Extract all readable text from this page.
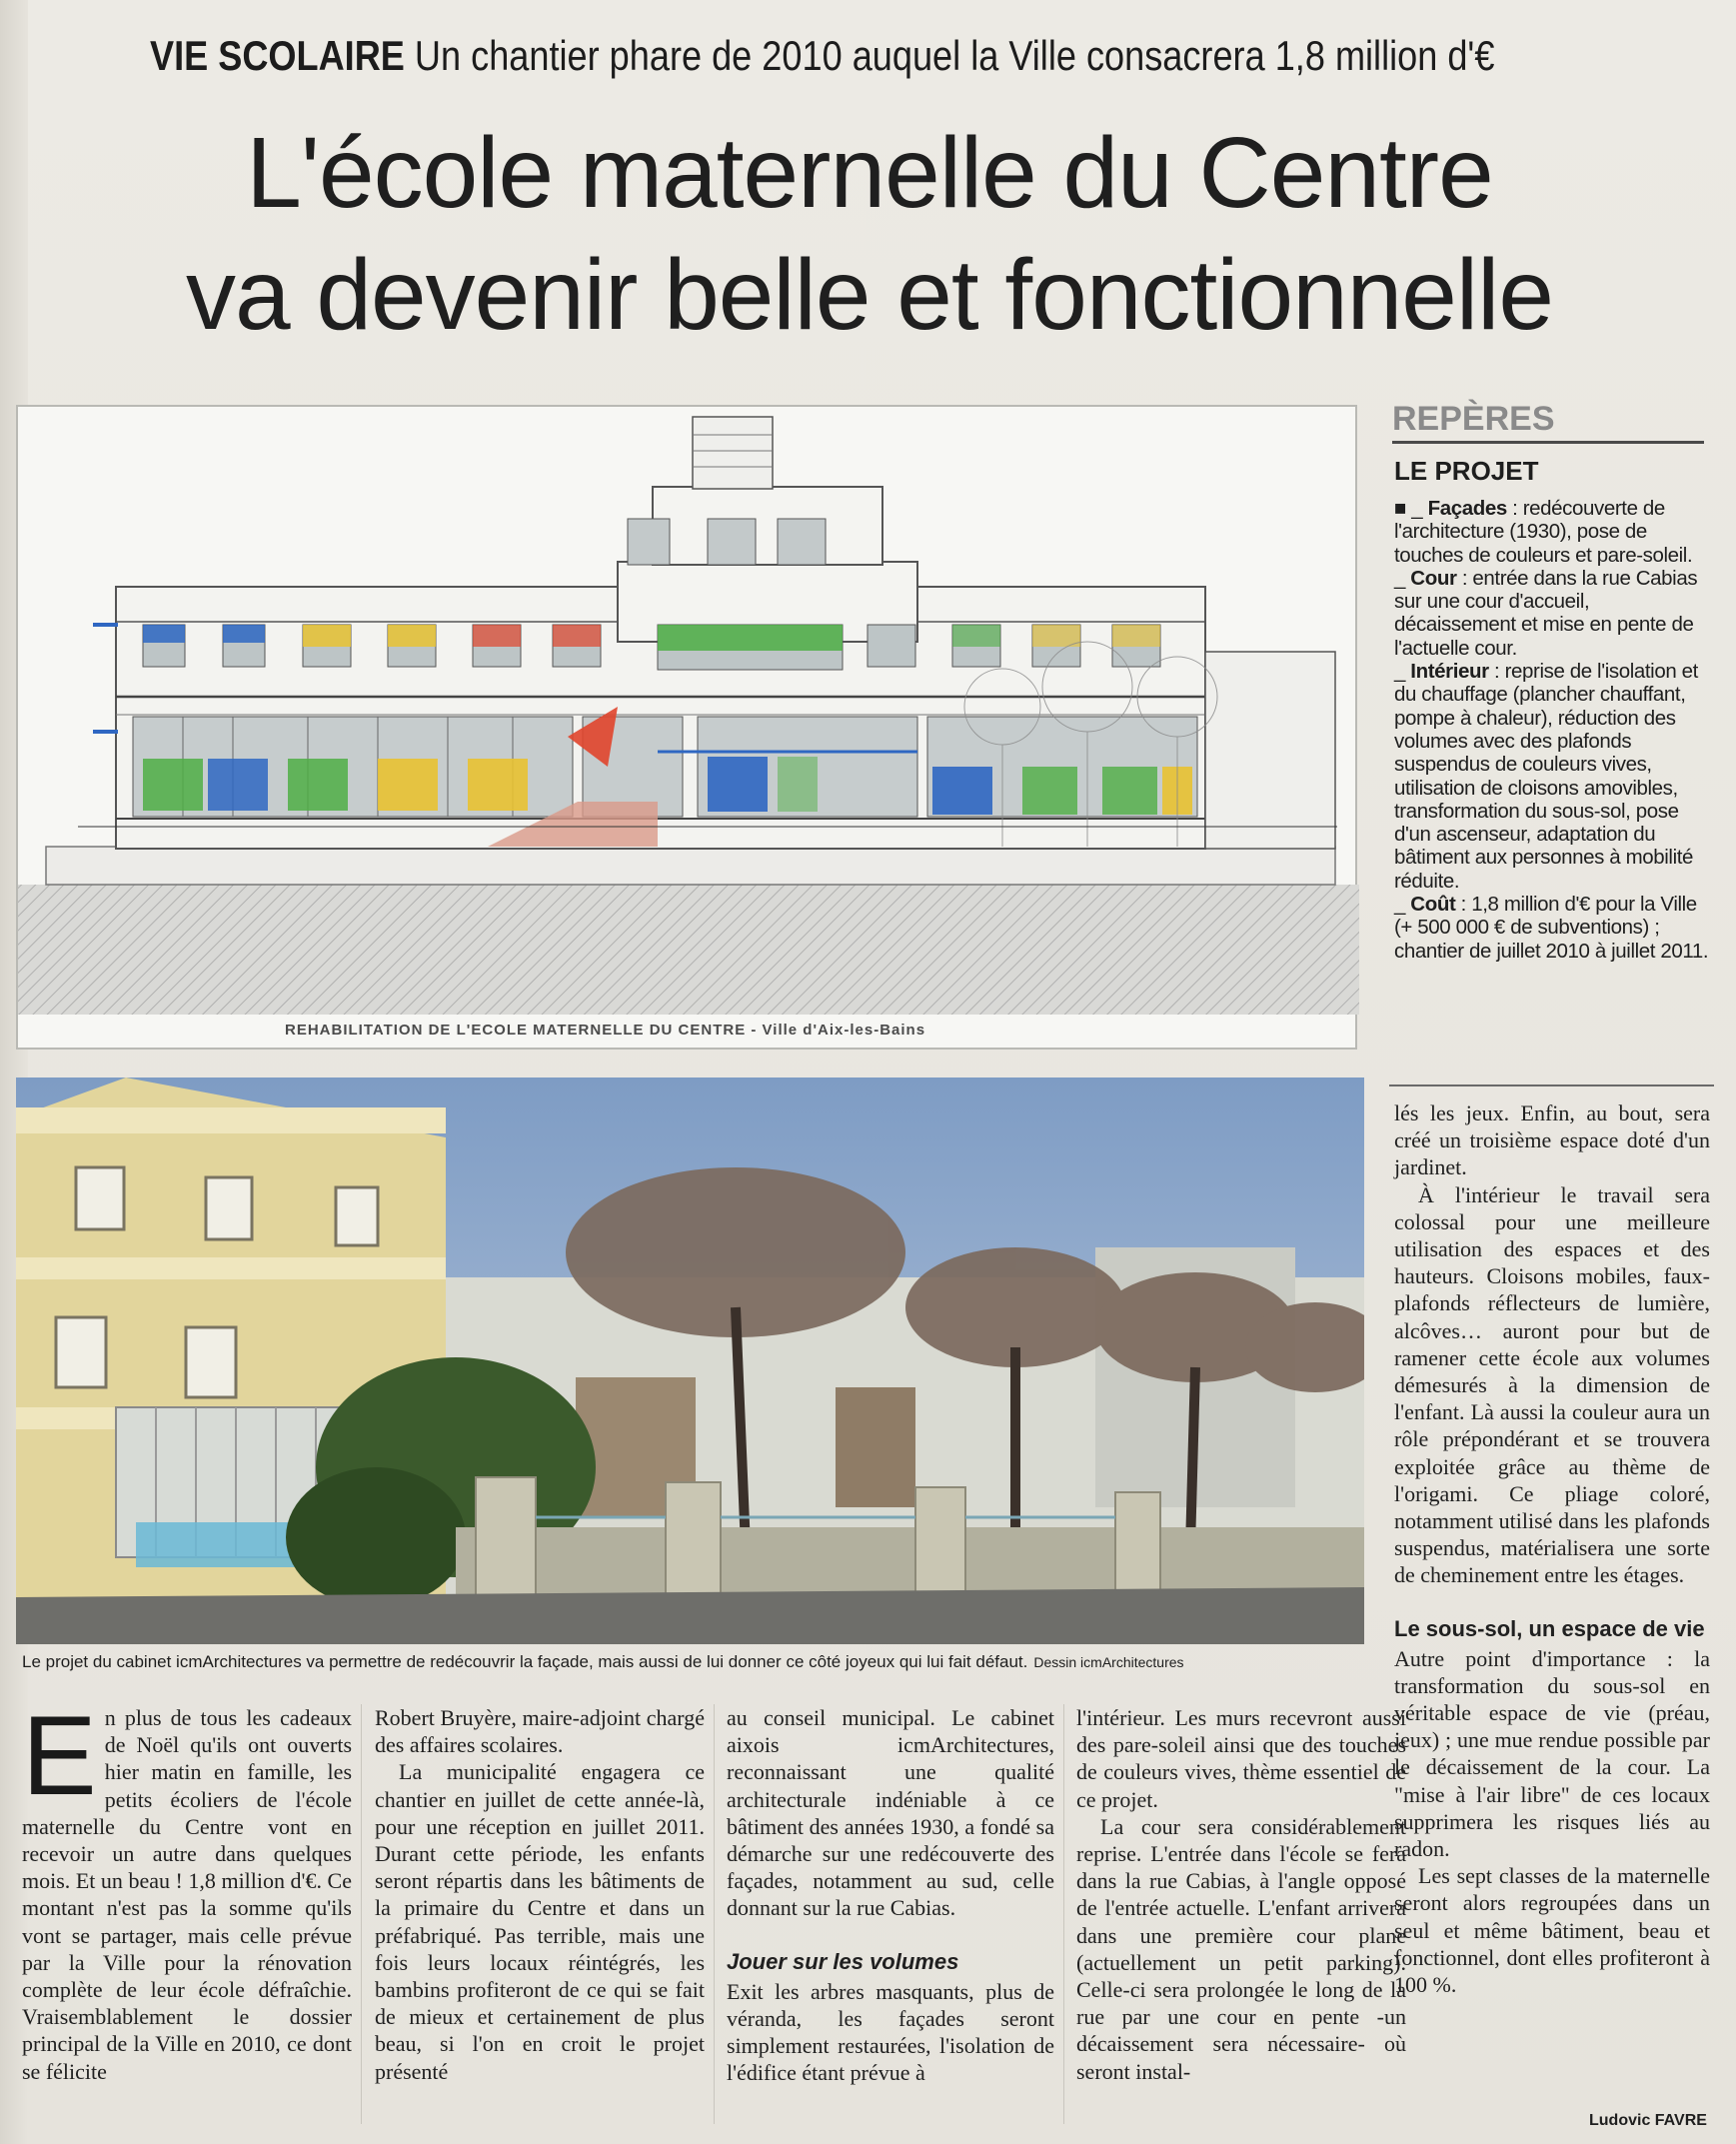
VIE SCOLAIRE Un chantier phare de 2010 auquel la Ville consacrera 1,8 million d'€
L'école maternelle du Centre
va devenir belle et fonctionnelle
REHABILITATION DE L'ECOLE MATERNELLE DU CENTRE - Ville d'Aix-les-Bains
REPÈRES
LE PROJET

■ _ Façades : redécouverte de l'architecture (1930), pose de touches de couleurs et pare-soleil.

_ Cour : entrée dans la rue Cabias sur une cour d'accueil, décaissement et mise en pente de l'actuelle cour.

_ Intérieur : reprise de l'isolation et du chauffage (plancher chauffant, pompe à chaleur), réduction des volumes avec des plafonds suspendus de couleurs vives, utilisation de cloisons amovibles, transformation du sous-sol, pose d'un ascenseur, adaptation du bâtiment aux personnes à mobilité réduite.

_ Coût : 1,8 million d'€ pour la Ville (+ 500 000 € de subventions) ; chantier de juillet 2010 à juillet 2011.

Le projet du cabinet icmArchitectures va permettre de redécouvrir la façade, mais aussi de lui donner ce côté joyeux qui lui fait défaut. Dessin icmArchitectures

En plus de tous les cadeaux de Noël qu'ils ont ouverts hier matin en famille, les petits écoliers de l'école maternelle du Centre vont en recevoir un autre dans quelques mois. Et un beau ! 1,8 million d'€. Ce montant n'est pas la somme qu'ils vont se partager, mais celle prévue par la Ville pour la rénovation complète de leur école défraîchie. Vraisemblablement le dossier principal de la Ville en 2010, ce dont se félicite

Robert Bruyère, maire-adjoint chargé des affaires scolaires.

La municipalité engagera ce chantier en juillet de cette année-là, pour une réception en juillet 2011. Durant cette période, les enfants seront répartis dans les bâtiments de la primaire du Centre et dans un préfabriqué. Pas terrible, mais une fois leurs locaux réintégrés, les bambins profiteront de ce qui se fait de mieux et certainement de plus beau, si l'on en croit le projet présenté

au conseil municipal. Le cabinet aixois icmArchitectures, reconnaissant une qualité architecturale indéniable à ce bâtiment des années 1930, a fondé sa démarche sur une redécouverte des façades, notamment au sud, celle donnant sur la rue Cabias.

Jouer sur les volumes

Exit les arbres masquants, plus de véranda, les façades seront simplement restaurées, l'isolation de l'édifice étant prévue à

l'intérieur. Les murs recevront aussi des pare-soleil ainsi que des touches de couleurs vives, thème essentiel de ce projet.

La cour sera considérablement reprise. L'entrée dans l'école se fera dans la rue Cabias, à l'angle opposé de l'entrée actuelle. L'enfant arrivera dans une première cour plane (actuellement un petit parking). Celle-ci sera prolongée le long de la rue par une cour en pente -un décaissement sera nécessaire- où seront instal-

lés les jeux. Enfin, au bout, sera créé un troisième espace doté d'un jardinet.

À l'intérieur le travail sera colossal pour une meilleure utilisation des espaces et des hauteurs. Cloisons mobiles, faux-plafonds réflecteurs de lumière, alcôves… auront pour but de ramener cette école aux volumes démesurés à la dimension de l'enfant. Là aussi la couleur aura un rôle prépondérant et se trouvera exploitée grâce au thème de l'origami. Ce pliage coloré, notamment utilisé dans les plafonds suspendus, matérialisera une sorte de cheminement entre les étages.

Le sous-sol, un espace de vie

Autre point d'importance : la transformation du sous-sol en véritable espace de vie (préau, jeux) ; une mue rendue possible par le décaissement de la cour. La "mise à l'air libre" de ces locaux supprimera les risques liés au radon.

Les sept classes de la maternelle seront alors regroupées dans un seul et même bâtiment, beau et fonctionnel, dont elles profiteront à 100 %.

Ludovic FAVRE
